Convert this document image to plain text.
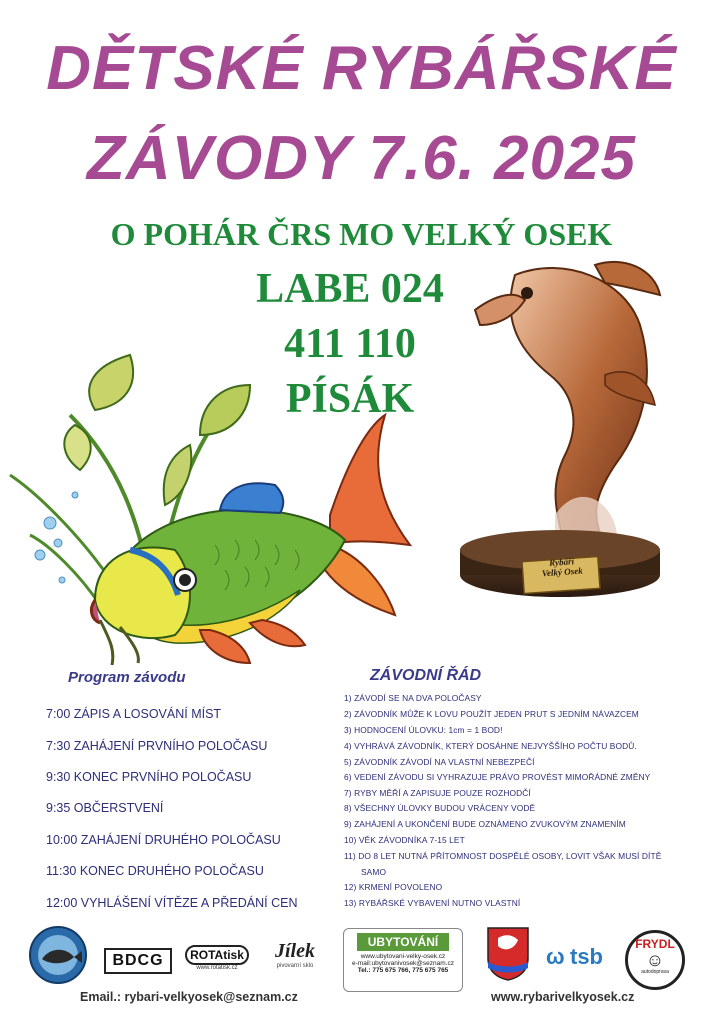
DĚTSKÉ RYBÁŘSKÉ
ZÁVODY 7.6. 2025
O POHÁR ČRS MO VELKÝ OSEK
LABE 024
411 110
PÍSÁK
Rybáři
Velký Osek
Program závodu
7:00 ZÁPIS A LOSOVÁNÍ MÍST
7:30 ZAHÁJENÍ PRVNÍHO POLOČASU
9:30 KONEC PRVNÍHO POLOČASU
9:35 OBČERSTVENÍ
10:00 ZAHÁJENÍ DRUHÉHO POLOČASU
11:30 KONEC DRUHÉHO POLOČASU
12:00 VYHLÁŠENÍ VÍTĚZE A PŘEDÁNÍ CEN
ZÁVODNÍ ŘÁD
1) ZÁVODÍ SE NA DVA POLOČASY
2) ZÁVODNÍK MŮŽE K LOVU POUŽÍT JEDEN PRUT S JEDNÍM NÁVAZCEM
3) HODNOCENÍ ÚLOVKU: 1cm = 1 BOD!
4) VYHRÁVÁ ZÁVODNÍK, KTERÝ DOSÁHNE NEJVYŠŠÍHO POČTU BODŮ.
5) ZÁVODNÍK ZÁVODÍ NA VLASTNÍ NEBEZPEČÍ
6) VEDENÍ ZÁVODU SI VYHRAZUJE PRÁVO PROVÉST MIMOŘÁDNÉ ZMĚNY
7) RYBY MĚŘÍ A ZAPISUJE POUZE ROZHODČÍ
8) VŠECHNY ÚLOVKY BUDOU VRÁCENY VODĚ
9) ZAHÁJENÍ A UKONČENÍ BUDE OZNÁMENO ZVUKOVÝM ZNAMENÍM
10) VĚK ZÁVODNÍKA 7-15 LET
11) DO 8 LET NUTNÁ PŘÍTOMNOST DOSPĚLÉ OSOBY, LOVIT VŠAK MUSÍ DÍTĚ
SAMO
12) KRMENÍ POVOLENO
13) RYBÁŘSKÉ VYBAVENÍ NUTNO VLASTNÍ
BDCG	ROTAtisk
www.rotatisk.cz
Jílek
pivovarní sklo
UBYTOVÁNÍ
www.ubytovani-velky-osek.cz
e-mail:ubytovanivosek@seznam.cz
Tel.: 775 675 766, 775 675 765
ω tsb	FRYDL
☺
autodoprava
Email.: rybari-velkyosek@seznam.cz	www.rybarivelkyosek.cz
